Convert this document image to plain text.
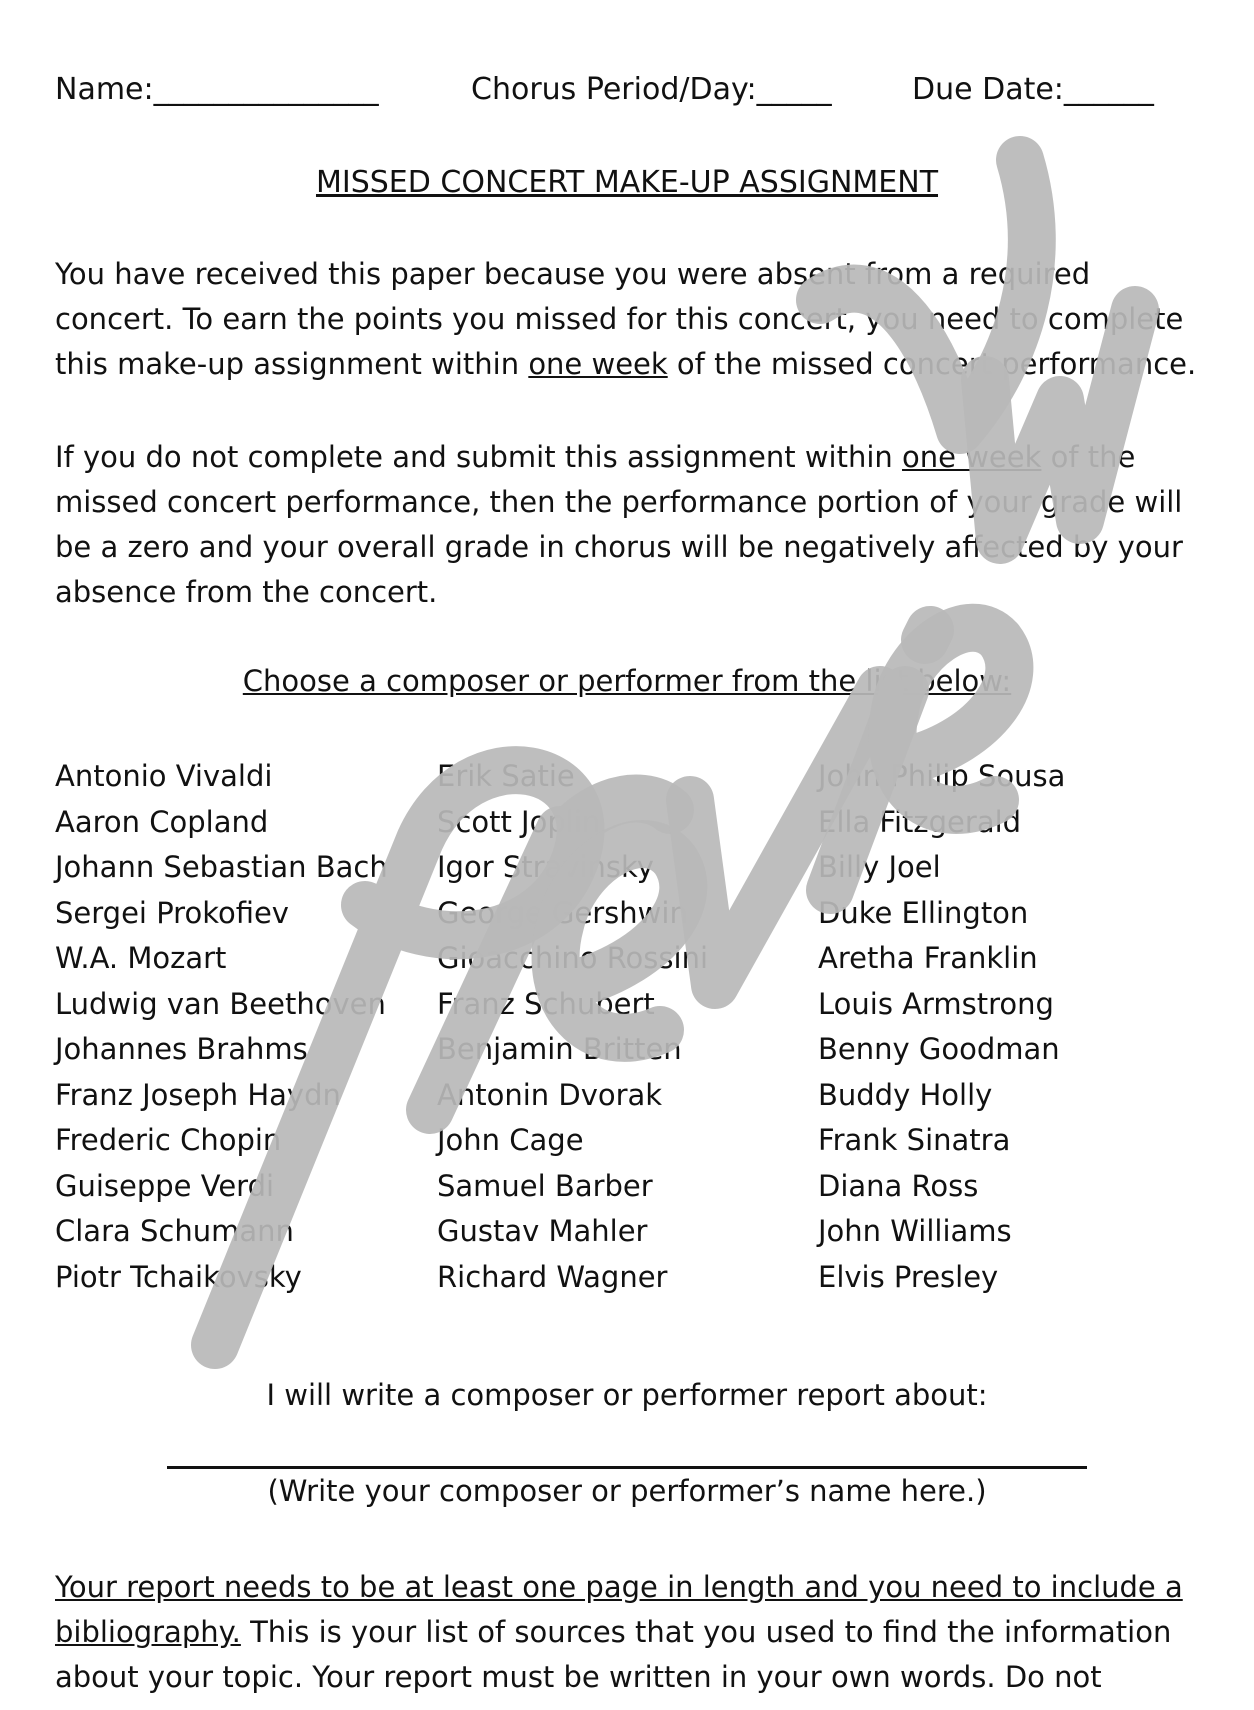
Name:_______________	Chorus Period/Day:_____	Due Date:______
MISSED CONCERT MAKE-UP ASSIGNMENT

You have received this paper because you were absent from a required concert. To earn the points you missed for this concert, you need to complete this make-up assignment within one week of the missed concert performance.

If you do not complete and submit this assignment within one week of the missed concert performance, then the performance portion of your grade will be a zero and your overall grade in chorus will be negatively affected by your absence from the concert.

Choose a composer or performer from the list below:
Antonio Vivaldi
Aaron Copland
Johann Sebastian Bach
Sergei Prokofiev
W.A. Mozart
Ludwig van Beethoven
Johannes Brahms
Franz Joseph Haydn
Frederic Chopin
Guiseppe Verdi
Clara Schumann
Piotr Tchaikovsky
Erik Satie
Scott Joplin
Igor Stravinsky
George Gershwin
Gioacchino Rossini
Franz Schubert
Benjamin Britten
Antonin Dvorak
John Cage
Samuel Barber
Gustav Mahler
Richard Wagner
John Philip Sousa
Ella Fitzgerald
Billy Joel
Duke Ellington
Aretha Franklin
Louis Armstrong
Benny Goodman
Buddy Holly
Frank Sinatra
Diana Ross
John Williams
Elvis Presley
I will write a composer or performer report about:
(Write your composer or performer’s name here.)

Your report needs to be at least one page in length and you need to include a bibliography. This is your list of sources that you used to find the information about your topic. Your report must be written in your own words. Do not
